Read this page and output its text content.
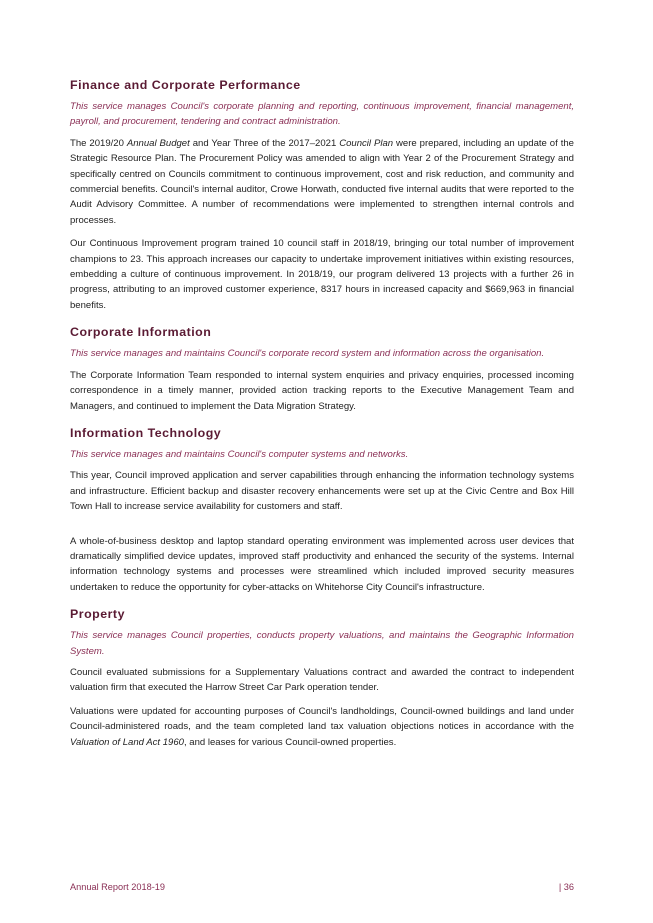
Finance and Corporate Performance

This service manages Council's corporate planning and reporting, continuous improvement, financial management, payroll, and procurement, tendering and contract administration.

The 2019/20 Annual Budget and Year Three of the 2017–2021 Council Plan were prepared, including an update of the Strategic Resource Plan. The Procurement Policy was amended to align with Year 2 of the Procurement Strategy and specifically centred on Councils commitment to continuous improvement, cost and risk reduction, and community and commercial benefits. Council's internal auditor, Crowe Horwath, conducted five internal audits that were reported to the Audit Advisory Committee. A number of recommendations were implemented to strengthen internal controls and processes.

Our Continuous Improvement program trained 10 council staff in 2018/19, bringing our total number of improvement champions to 23. This approach increases our capacity to undertake improvement initiatives within existing resources, embedding a culture of continuous improvement. In 2018/19, our program delivered 13 projects with a further 26 in progress, attributing to an improved customer experience, 8317 hours in increased capacity and $669,963 in financial benefits.

Corporate Information

This service manages and maintains Council's corporate record system and information across the organisation.

The Corporate Information Team responded to internal system enquiries and privacy enquiries, processed incoming correspondence in a timely manner, provided action tracking reports to the Executive Management Team and Managers, and continued to implement the Data Migration Strategy.

Information Technology

This service manages and maintains Council's computer systems and networks.

This year, Council improved application and server capabilities through enhancing the information technology systems and infrastructure. Efficient backup and disaster recovery enhancements were set up at the Civic Centre and Box Hill Town Hall to increase service availability for customers and staff.

A whole-of-business desktop and laptop standard operating environment was implemented across user devices that dramatically simplified device updates, improved staff productivity and enhanced the security of the systems. Internal information technology systems and processes were streamlined which included improved security measures undertaken to reduce the opportunity for cyber-attacks on Whitehorse City Council's infrastructure.

Property

This service manages Council properties, conducts property valuations, and maintains the Geographic Information System.

Council evaluated submissions for a Supplementary Valuations contract and awarded the contract to independent valuation firm that executed the Harrow Street Car Park operation tender.

Valuations were updated for accounting purposes of Council's landholdings, Council-owned buildings and land under Council-administered roads, and the team completed land tax valuation objections notices in accordance with the Valuation of Land Act 1960, and leases for various Council-owned properties.

Annual Report 2018-19	| 36
